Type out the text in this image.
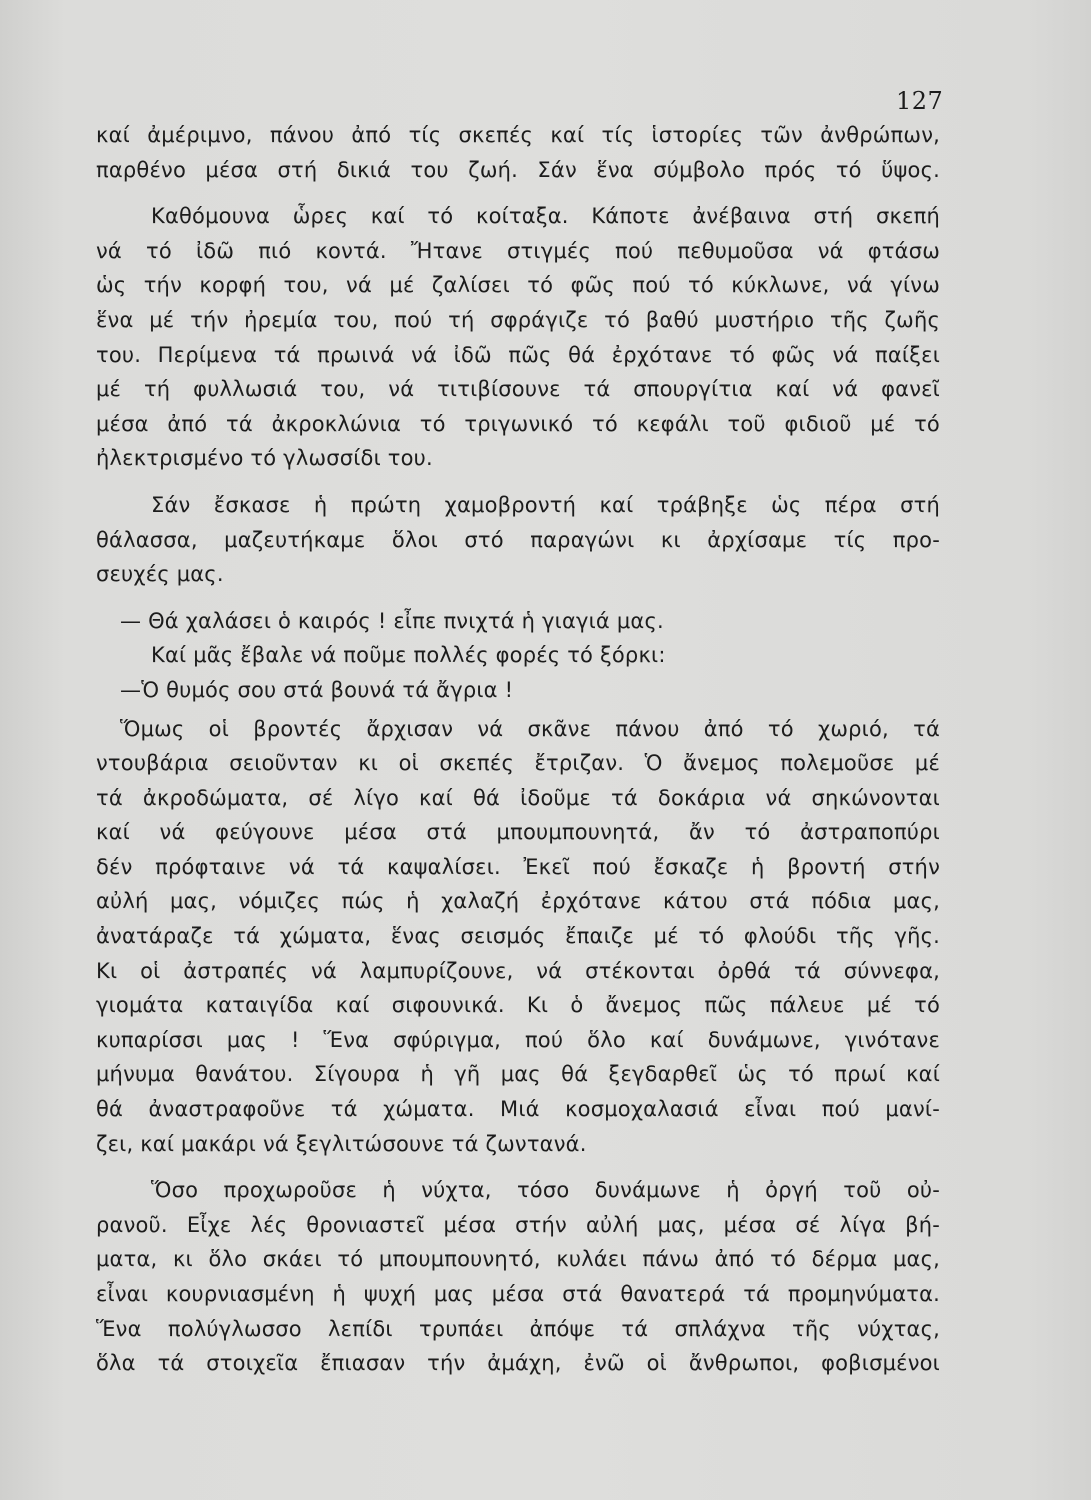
127
καί ἀμέριμνο, πάνου ἀπό τίς σκεπές καί τίς ἱστορίες τῶν ἀνθρώπων,
παρθένο μέσα στή δικιά του ζωή. Σάν ἕνα σύμβολο πρός τό ὕψος.
Καθόμουνα ὧρες καί τό κοίταξα. Κάποτε ἀνέβαινα στή σκεπή
νά τό ἰδῶ πιό κοντά. Ἤτανε στιγμές πού πεθυμοῦσα νά φτάσω
ὡς τήν κορφή του, νά μέ ζαλίσει τό φῶς πού τό κύκλωνε, νά γίνω
ἕνα μέ τήν ἠρεμία του, πού τή σφράγιζε τό βαθύ μυστήριο τῆς ζωῆς
του. Περίμενα τά πρωινά νά ἰδῶ πῶς θά ἐρχότανε τό φῶς νά παίξει
μέ τή φυλλωσιά του, νά τιτιβίσουνε τά σπουργίτια καί νά φανεῖ
μέσα ἀπό τά ἀκροκλώνια τό τριγωνικό τό κεφάλι τοῦ φιδιοῦ μέ τό
ἠλεκτρισμένο τό γλωσσίδι του.
Σάν ἔσκασε ἡ πρώτη χαμοβροντή καί τράβηξε ὡς πέρα στή
θάλασσα, μαζευτήκαμε ὅλοι στό παραγώνι κι ἀρχίσαμε τίς προ-
σευχές μας.
— Θά χαλάσει ὁ καιρός ! εἶπε πνιχτά ἡ γιαγιά μας.
Καί μᾶς ἔβαλε νά ποῦμε πολλές φορές τό ξόρκι:
—Ὁ θυμός σου στά βουνά τά ἄγρια !
Ὅμως οἱ βροντές ἄρχισαν νά σκᾶνε πάνου ἀπό τό χωριό, τά
ντουβάρια σειοῦνταν κι οἱ σκεπές ἔτριζαν. Ὁ ἄνεμος πολεμοῦσε μέ
τά ἀκροδώματα, σέ λίγο καί θά ἰδοῦμε τά δοκάρια νά σηκώνονται
καί νά φεύγουνε μέσα στά μπουμπουνητά, ἄν τό ἀστραποπύρι
δέν πρόφταινε νά τά καψαλίσει. Ἐκεῖ πού ἔσκαζε ἡ βροντή στήν
αὐλή μας, νόμιζες πώς ἡ χαλαζή ἐρχότανε κάτου στά πόδια μας,
ἀνατάραζε τά χώματα, ἕνας σεισμός ἔπαιζε μέ τό φλούδι τῆς γῆς.
Κι οἱ ἀστραπές νά λαμπυρίζουνε, νά στέκονται ὀρθά τά σύννεφα,
γιομάτα καταιγίδα καί σιφουνικά. Κι ὁ ἄνεμος πῶς πάλευε μέ τό
κυπαρίσσι μας ! Ἕνα σφύριγμα, πού ὅλο καί δυνάμωνε, γινότανε
μήνυμα θανάτου. Σίγουρα ἡ γῆ μας θά ξεγδαρθεῖ ὡς τό πρωί καί
θά ἀναστραφοῦνε τά χώματα. Μιά κοσμοχαλασιά εἶναι πού μανί-
ζει, καί μακάρι νά ξεγλιτώσουνε τά ζωντανά.
Ὅσο προχωροῦσε ἡ νύχτα, τόσο δυνάμωνε ἡ ὀργή τοῦ οὐ-
ρανοῦ. Εἶχε λές θρονιαστεῖ μέσα στήν αὐλή μας, μέσα σέ λίγα βή-
ματα, κι ὅλο σκάει τό μπουμπουνητό, κυλάει πάνω ἀπό τό δέρμα μας,
εἶναι κουρνιασμένη ἡ ψυχή μας μέσα στά θανατερά τά προμηνύματα.
Ἕνα πολύγλωσσο λεπίδι τρυπάει ἀπόψε τά σπλάχνα τῆς νύχτας,
ὅλα τά στοιχεῖα ἔπιασαν τήν ἀμάχη, ἐνῶ οἱ ἄνθρωποι, φοβισμένοι
